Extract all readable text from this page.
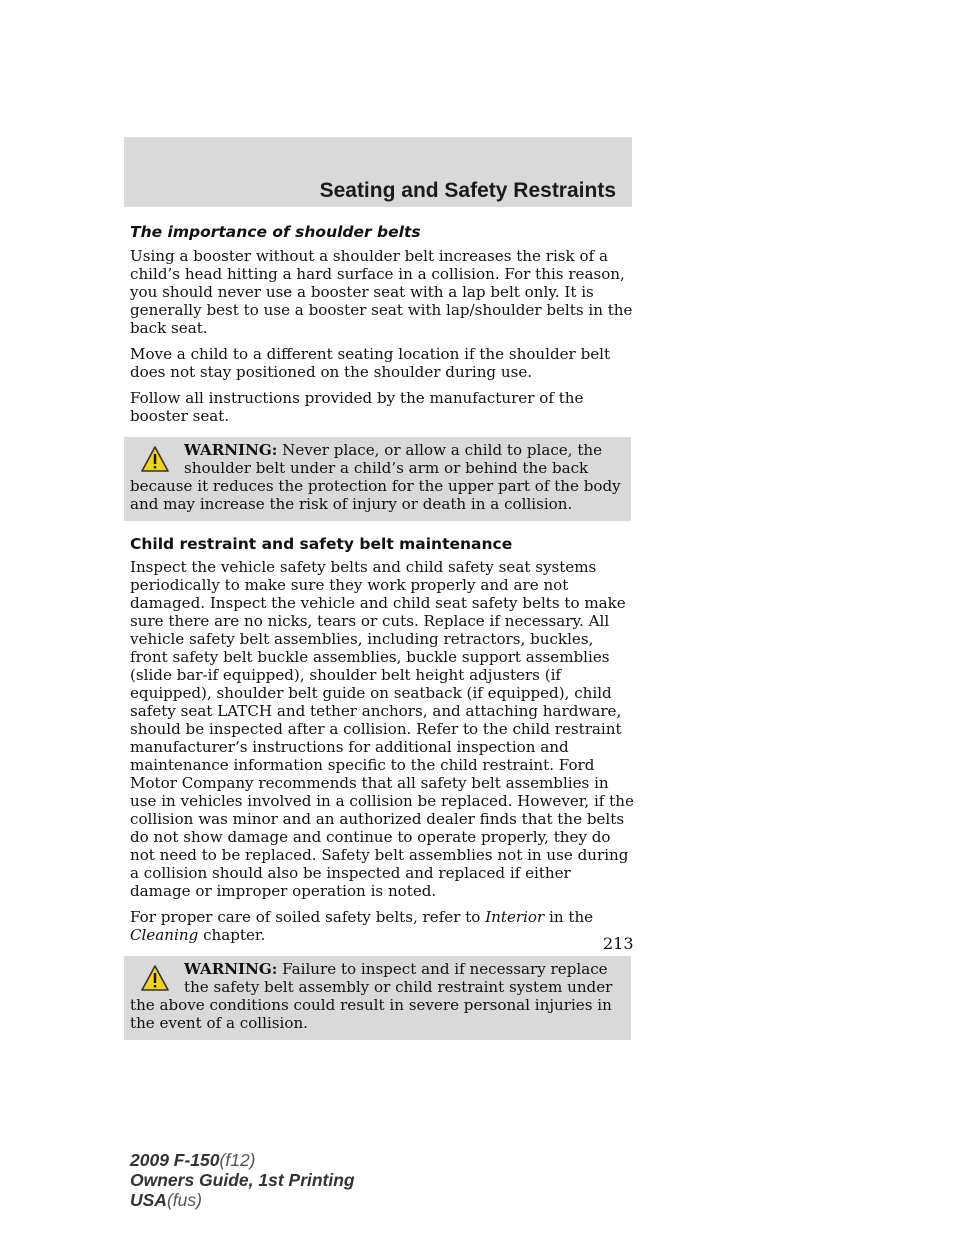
Seating and Safety Restraints
The importance of shoulder belts

Using a booster without a shoulder belt increases the risk of a child’s head hitting a hard surface in a collision. For this reason, you should never use a booster seat with a lap belt only. It is generally best to use a booster seat with lap/shoulder belts in the back seat.

Move a child to a different seating location if the shoulder belt does not stay positioned on the shoulder during use.

Follow all instructions provided by the manufacturer of the booster seat.

WARNING: Never place, or allow a child to place, the shoulder belt under a child’s arm or behind the back because it reduces the protection for the upper part of the body and may increase the risk of injury or death in a collision.
Child restraint and safety belt maintenance

Inspect the vehicle safety belts and child safety seat systems periodically to make sure they work properly and are not damaged. Inspect the vehicle and child seat safety belts to make sure there are no nicks, tears or cuts. Replace if necessary. All vehicle safety belt assemblies, including retractors, buckles, front safety belt buckle assemblies, buckle support assemblies (slide bar-if equipped), shoulder belt height adjusters (if equipped), shoulder belt guide on seatback (if equipped), child safety seat LATCH and tether anchors, and attaching hardware, should be inspected after a collision. Refer to the child restraint manufacturer’s instructions for additional inspection and maintenance information specific to the child restraint. Ford Motor Company recommends that all safety belt assemblies in use in vehicles involved in a collision be replaced. However, if the collision was minor and an authorized dealer finds that the belts do not show damage and continue to operate properly, they do not need to be replaced. Safety belt assemblies not in use during a collision should also be inspected and replaced if either damage or improper operation is noted.

For proper care of soiled safety belts, refer to Interior in the Cleaning chapter.

WARNING: Failure to inspect and if necessary replace the safety belt assembly or child restraint system under the above conditions could result in severe personal injuries in the event of a collision.
213
2009 F-150(f12)
Owners Guide, 1st Printing
USA(fus)
